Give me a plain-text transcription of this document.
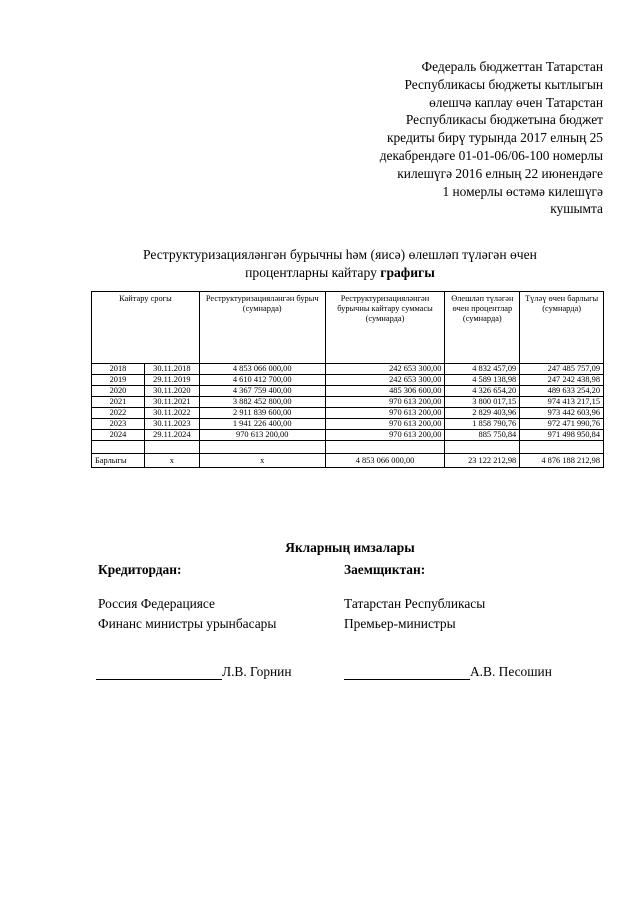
Федераль бюджеттан Татарстан
Республикасы бюджеты кытлыгын
өлешчә каплау өчен Татарстан
Республикасы бюджетына бюджет
кредиты бирү турында 2017 елның 25
декабрендәге 01-01-06/06-100 номерлы
килешүгә 2016 елның 22 июнендәге
1 номерлы өстәмә килешүгә
кушымта
Реструктуризацияләнгән бурычны һәм (яисә) өлешләп түләгән өчен
процентларны кайтару графигы
Кайтару срогы		Реструктуризацияләнгән бурыч (сумнарда)	Реструктуризацияләнгән бурычны кайтару суммасы (сумнарда)	Өлешләп түләгән өчен процентлар (сумнарда)	Түләү өчен барлыгы (сумнарда)
2018	30.11.2018	4 853 066 000,00	242 653 300,00	4 832 457,09	247 485 757,09
2019	29.11.2019	4 610 412 700,00	242 653 300,00	4 589 138,98	247 242 438,98
2020	30.11.2020	4 367 759 400,00	485 306 600,00	4 326 654,20	489 633 254,20
2021	30.11.2021	3 882 452 800,00	970 613 200,00	3 800 017,15	974 413 217,15
2022	30.11.2022	2 911 839 600,00	970 613 200,00	2 829 403,96	973 442 603,96
2023	30.11.2023	1 941 226 400,00	970 613 200,00	1 858 790,76	972 471 990,76
2024	29.11.2024	970 613 200,00	970 613 200,00	885 750,84	971 498 950,84

Барлыгы	х	х	4 853 066 000,00	23 122 212,98	4 876 188 212,98
Якларның имзалары
Кредитордан:
Россия Федерациясе
Финанс министры урынбасары
Заемщиктан:
Татарстан Республикасы
Премьер-министры
Л.В. Горнин	А.В. Песошин
